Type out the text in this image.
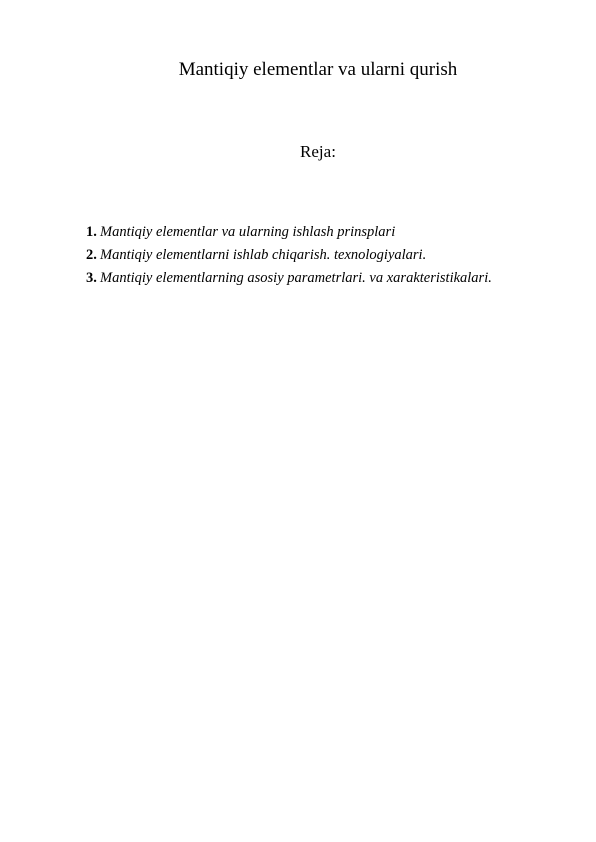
Mantiqiy elementlar va ularni qurish
Reja:
1. Mantiqiy elementlar va ularning ishlash prinsplari
2. Mantiqiy elementlarni ishlab chiqarish. texnologiyalari.
3. Mantiqiy elementlarning asosiy parametrlari. va xarakteristikalari.
